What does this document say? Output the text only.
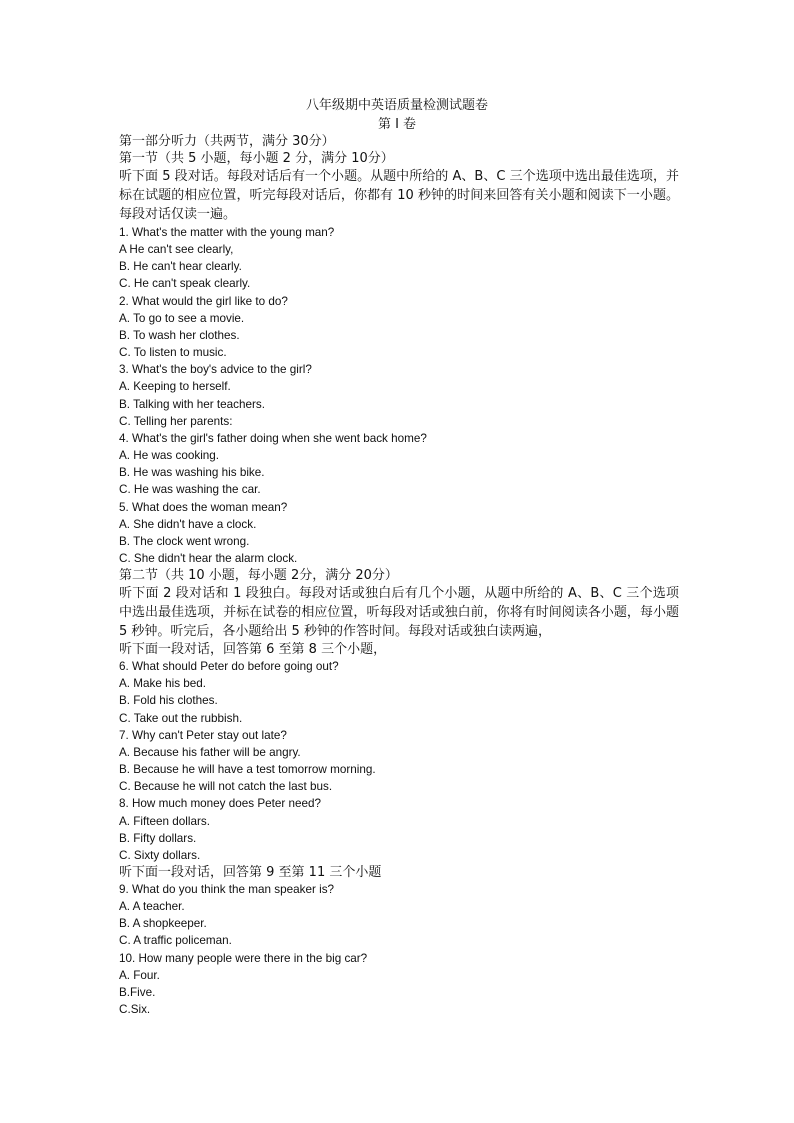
八年级期中英语质量检测试题卷
第 I 卷

第一部分听力（共两节，满分 30分）

第一节（共 5 小题，每小题 2 分，满分 10分）

听下面 5 段对话。每段对话后有一个小题。从题中所给的 A、B、C 三个选项中选出最佳选项，并标在试题的相应位置，听完每段对话后，你都有 10 秒钟的时间来回答有关小题和阅读下一小题。每段对话仅读一遍。

1. What's the matter with the young man?

A He can't see clearly,

B. He can't hear clearly.

C. He can't speak clearly.

2. What would the girl like to do?

A. To go to see a movie.

B. To wash her clothes.

C. To listen to music.

3. What's the boy's advice to the girl?

A. Keeping to herself.

B. Talking with her teachers.

C. Telling her parents:

4. What's the girl's father doing when she went back home?

A. He was cooking.

B. He was washing his bike.

C. He was washing the car.

5. What does the woman mean?

A. She didn't have a clock.

B. The clock went wrong.

C. She didn't hear the alarm clock.

第二节（共 10 小题，每小题 2分，满分 20分）

听下面 2 段对话和 1 段独白。每段对话或独白后有几个小题，从题中所给的 A、B、C 三个选项中选出最佳选项，并标在试卷的相应位置，听每段对话或独白前，你将有时间阅读各小题，每小题 5 秒钟。听完后，各小题给出 5 秒钟的作答时间。每段对话或独白读两遍，

听下面一段对话，回答第 6 至第 8 三个小题，

6. What should Peter do before going out?

A. Make his bed.

B. Fold his clothes.

C. Take out the rubbish.

7. Why can't Peter stay out late?

A. Because his father will be angry.

B. Because he will have a test tomorrow morning.

C. Because he will not catch the last bus.

8. How much money does Peter need?

A. Fifteen dollars.

B. Fifty dollars.

C. Sixty dollars.

听下面一段对话，回答第 9 至第 11 三个小题

9. What do you think the man speaker is?

A. A teacher.

B. A shopkeeper.

C. A traffic policeman.

10. How many people were there in the big car?

A. Four.

B.Five.

C.Six.
